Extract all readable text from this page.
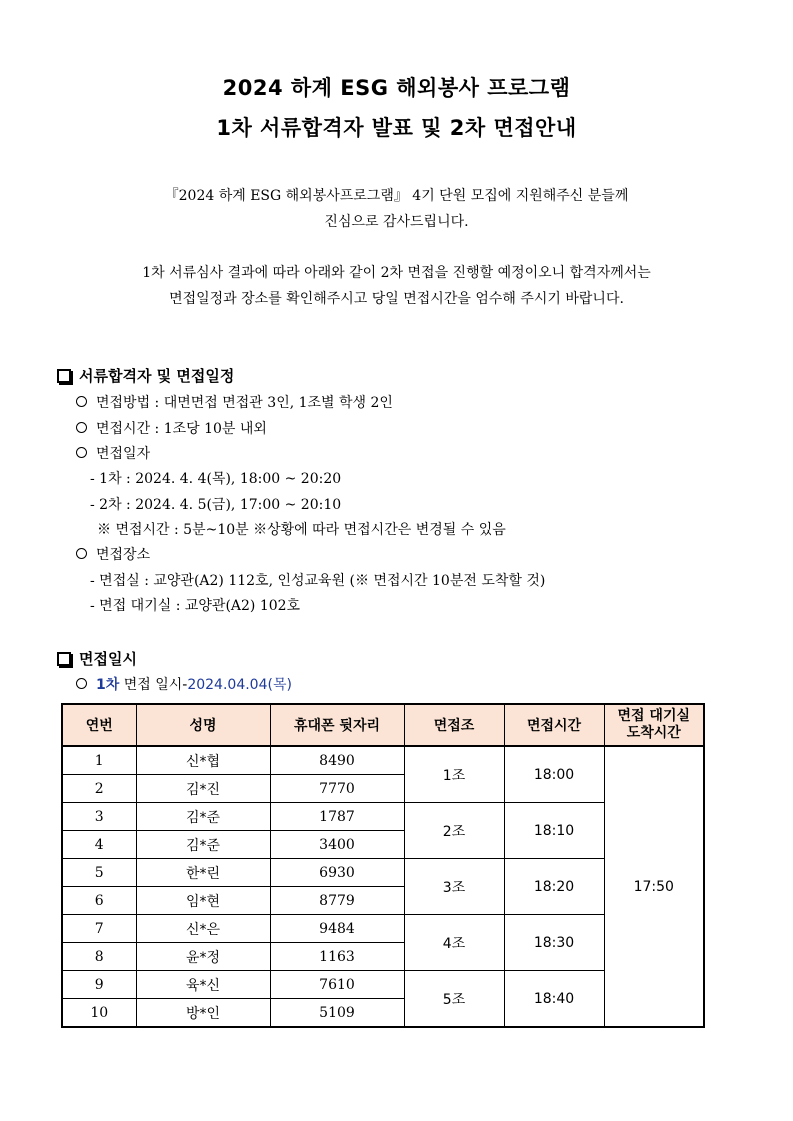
2024 하계 ESG 해외봉사 프로그램
1차 서류합격자 발표 및 2차 면접안내
『2024 하계 ESG 해외봉사프로그램』 4기 단원 모집에 지원해주신 분들께
진심으로 감사드립니다.
1차 서류심사 결과에 따라 아래와 같이 2차 면접을 진행할 예정이오니 합격자께서는
면접일정과 장소를 확인해주시고 당일 면접시간을 엄수해 주시기 바랍니다.
서류합격자 및 면접일정
면접방법 : 대면면접 면접관 3인, 1조별 학생 2인
면접시간 : 1조당 10분 내외
면접일자
- 1차 : 2024. 4. 4(목), 18:00 ~ 20:20
- 2차 : 2024. 4. 5(금), 17:00 ~ 20:10
※ 면접시간 : 5분~10분 ※상황에 따라 면접시간은 변경될 수 있음
면접장소
- 면접실 : 교양관(A2) 112호, 인성교육원 (※ 면접시간 10분전 도착할 것)
- 면접 대기실 : 교양관(A2) 102호
면접일시
1차 면접 일시-2024.04.04(목)
연번	성명	휴대폰 뒷자리	면접조	면접시간	면접 대기실
도착시간

1	신*협	8490	1조	18:00	17:50
2	김*진	7770			
3	김*준	1787	2조	18:10	
4	김*준	3400			
5	한*린	6930	3조	18:20	
6	임*현	8779			
7	신*은	9484	4조	18:30	
8	윤*정	1163			
9	육*신	7610	5조	18:40	
10	방*인	5109			
